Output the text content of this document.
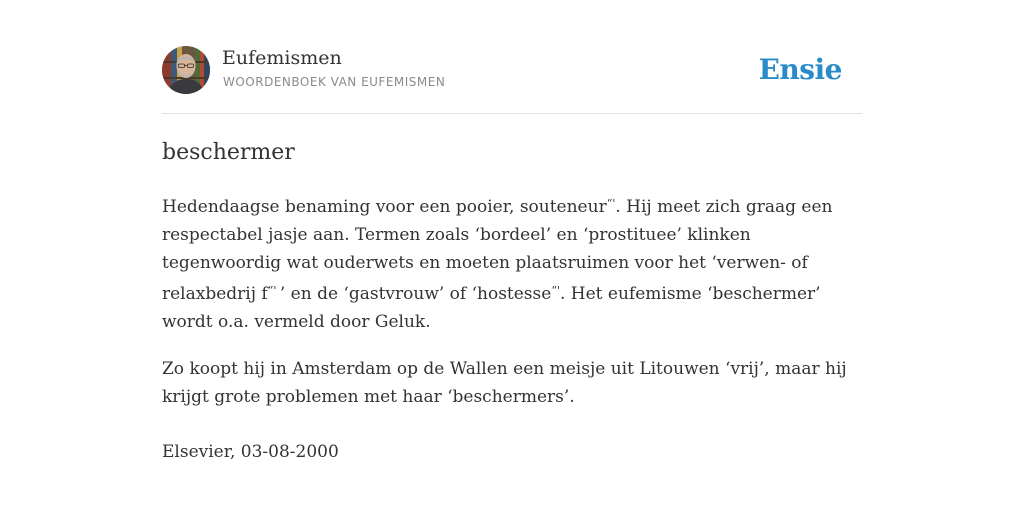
Eufemismen
WOORDENBOEK VAN EUFEMISMEN	Ensie
beschermer

Hedendaagse benaming voor een pooier, souteneur“'. Hij meet zich graag een respectabel jasje aan. Termen zoals ‘bordeel’ en ‘prostituee’ klinken tegenwoordig wat ouderwets en moeten plaatsruimen voor het ‘verwen- of relaxbedrij f“' ’ en de ‘gastvrouw’ of ‘hostesse“'. Het eufemisme ‘beschermer’ wordt o.a. vermeld door Geluk.

Zo koopt hij in Amsterdam op de Wallen een meisje uit Litouwen ‘vrij’, maar hij krijgt grote problemen met haar ‘beschermers’.

Elsevier, 03-08-2000
